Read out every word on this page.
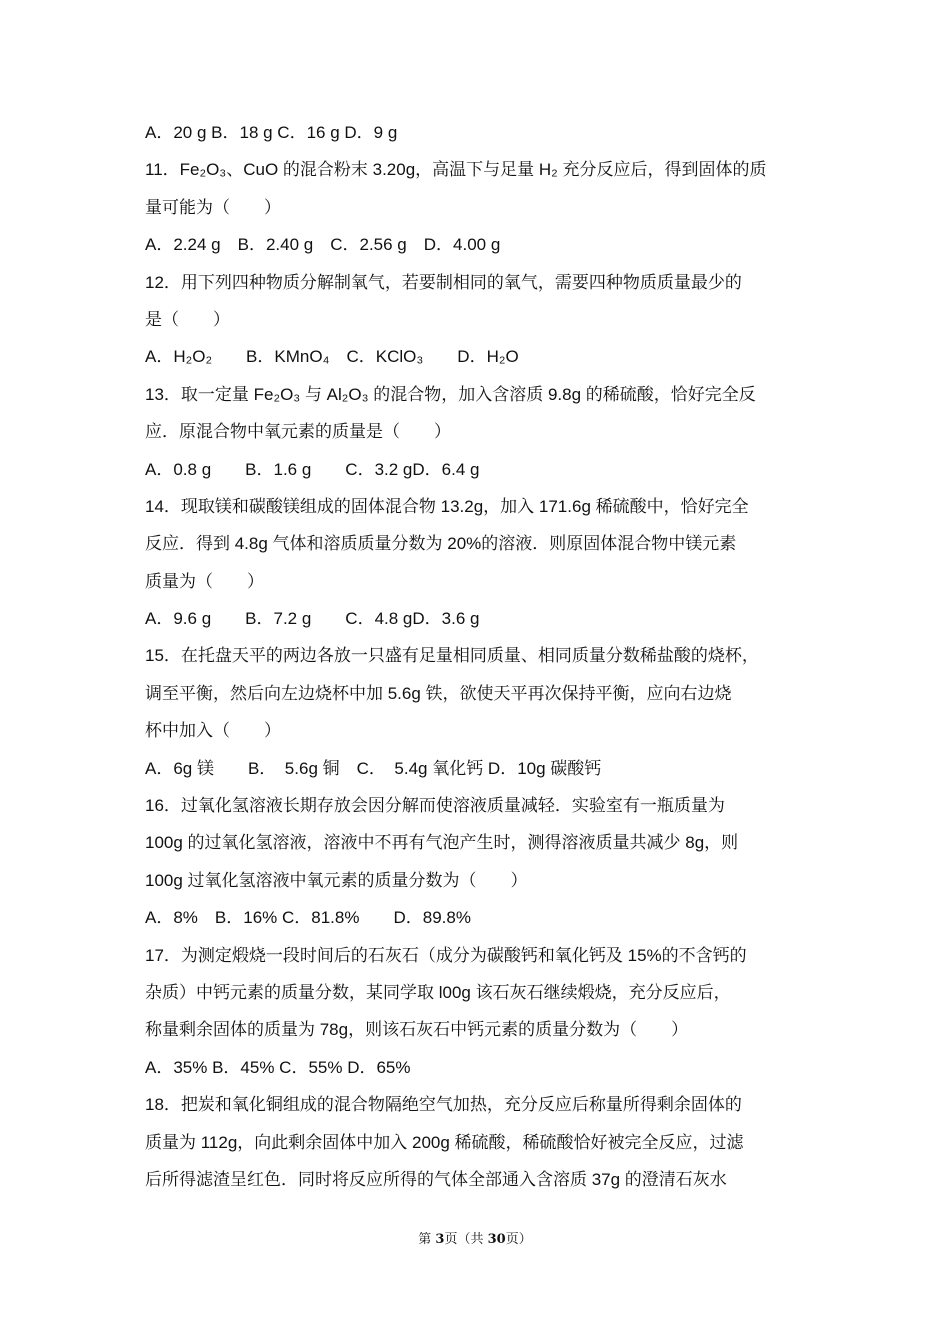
A．20 g B．18 g C．16 g D．9 g
11．Fe₂O₃、CuO 的混合粉末 3.20g，高温下与足量 H₂ 充分反应后，得到固体的质
量可能为（　　）
A．2.24 g　B．2.40 g　C．2.56 g　D．4.00 g
12．用下列四种物质分解制氧气，若要制相同的氧气，需要四种物质质量最少的
是（　　）
A．H₂O₂　　B．KMnO₄　C．KClO₃　　D．H₂O
13．取一定量 Fe₂O₃ 与 Al₂O₃ 的混合物，加入含溶质 9.8g 的稀硫酸，恰好完全反
应．原混合物中氧元素的质量是（　　）
A．0.8 g　　B．1.6 g　　C．3.2 gD．6.4 g
14．现取镁和碳酸镁组成的固体混合物 13.2g，加入 171.6g 稀硫酸中，恰好完全
反应．得到 4.8g 气体和溶质质量分数为 20%的溶液．则原固体混合物中镁元素
质量为（　　）
A．9.6 g　　B．7.2 g　　C．4.8 gD．3.6 g
15．在托盘天平的两边各放一只盛有足量相同质量、相同质量分数稀盐酸的烧杯，
调至平衡，然后向左边烧杯中加 5.6g 铁，欲使天平再次保持平衡，应向右边烧
杯中加入（　　）
A．6g 镁　　B．　5.6g 铜　C．　5.4g 氧化钙 D．10g 碳酸钙
16．过氧化氢溶液长期存放会因分解而使溶液质量减轻．实验室有一瓶质量为
100g 的过氧化氢溶液，溶液中不再有气泡产生时，测得溶液质量共减少 8g，则
100g 过氧化氢溶液中氧元素的质量分数为（　　）
A．8%　B．16% C．81.8%　　D．89.8%
17．为测定煅烧一段时间后的石灰石（成分为碳酸钙和氧化钙及 15%的不含钙的
杂质）中钙元素的质量分数，某同学取 l00g 该石灰石继续煅烧，充分反应后，
称量剩余固体的质量为 78g，则该石灰石中钙元素的质量分数为（　　）
A．35% B．45% C．55% D．65%
18．把炭和氧化铜组成的混合物隔绝空气加热，充分反应后称量所得剩余固体的
质量为 112g，向此剩余固体中加入 200g 稀硫酸，稀硫酸恰好被完全反应，过滤
后所得滤渣呈红色．同时将反应所得的气体全部通入含溶质 37g 的澄清石灰水
第 3页（共 30页）
